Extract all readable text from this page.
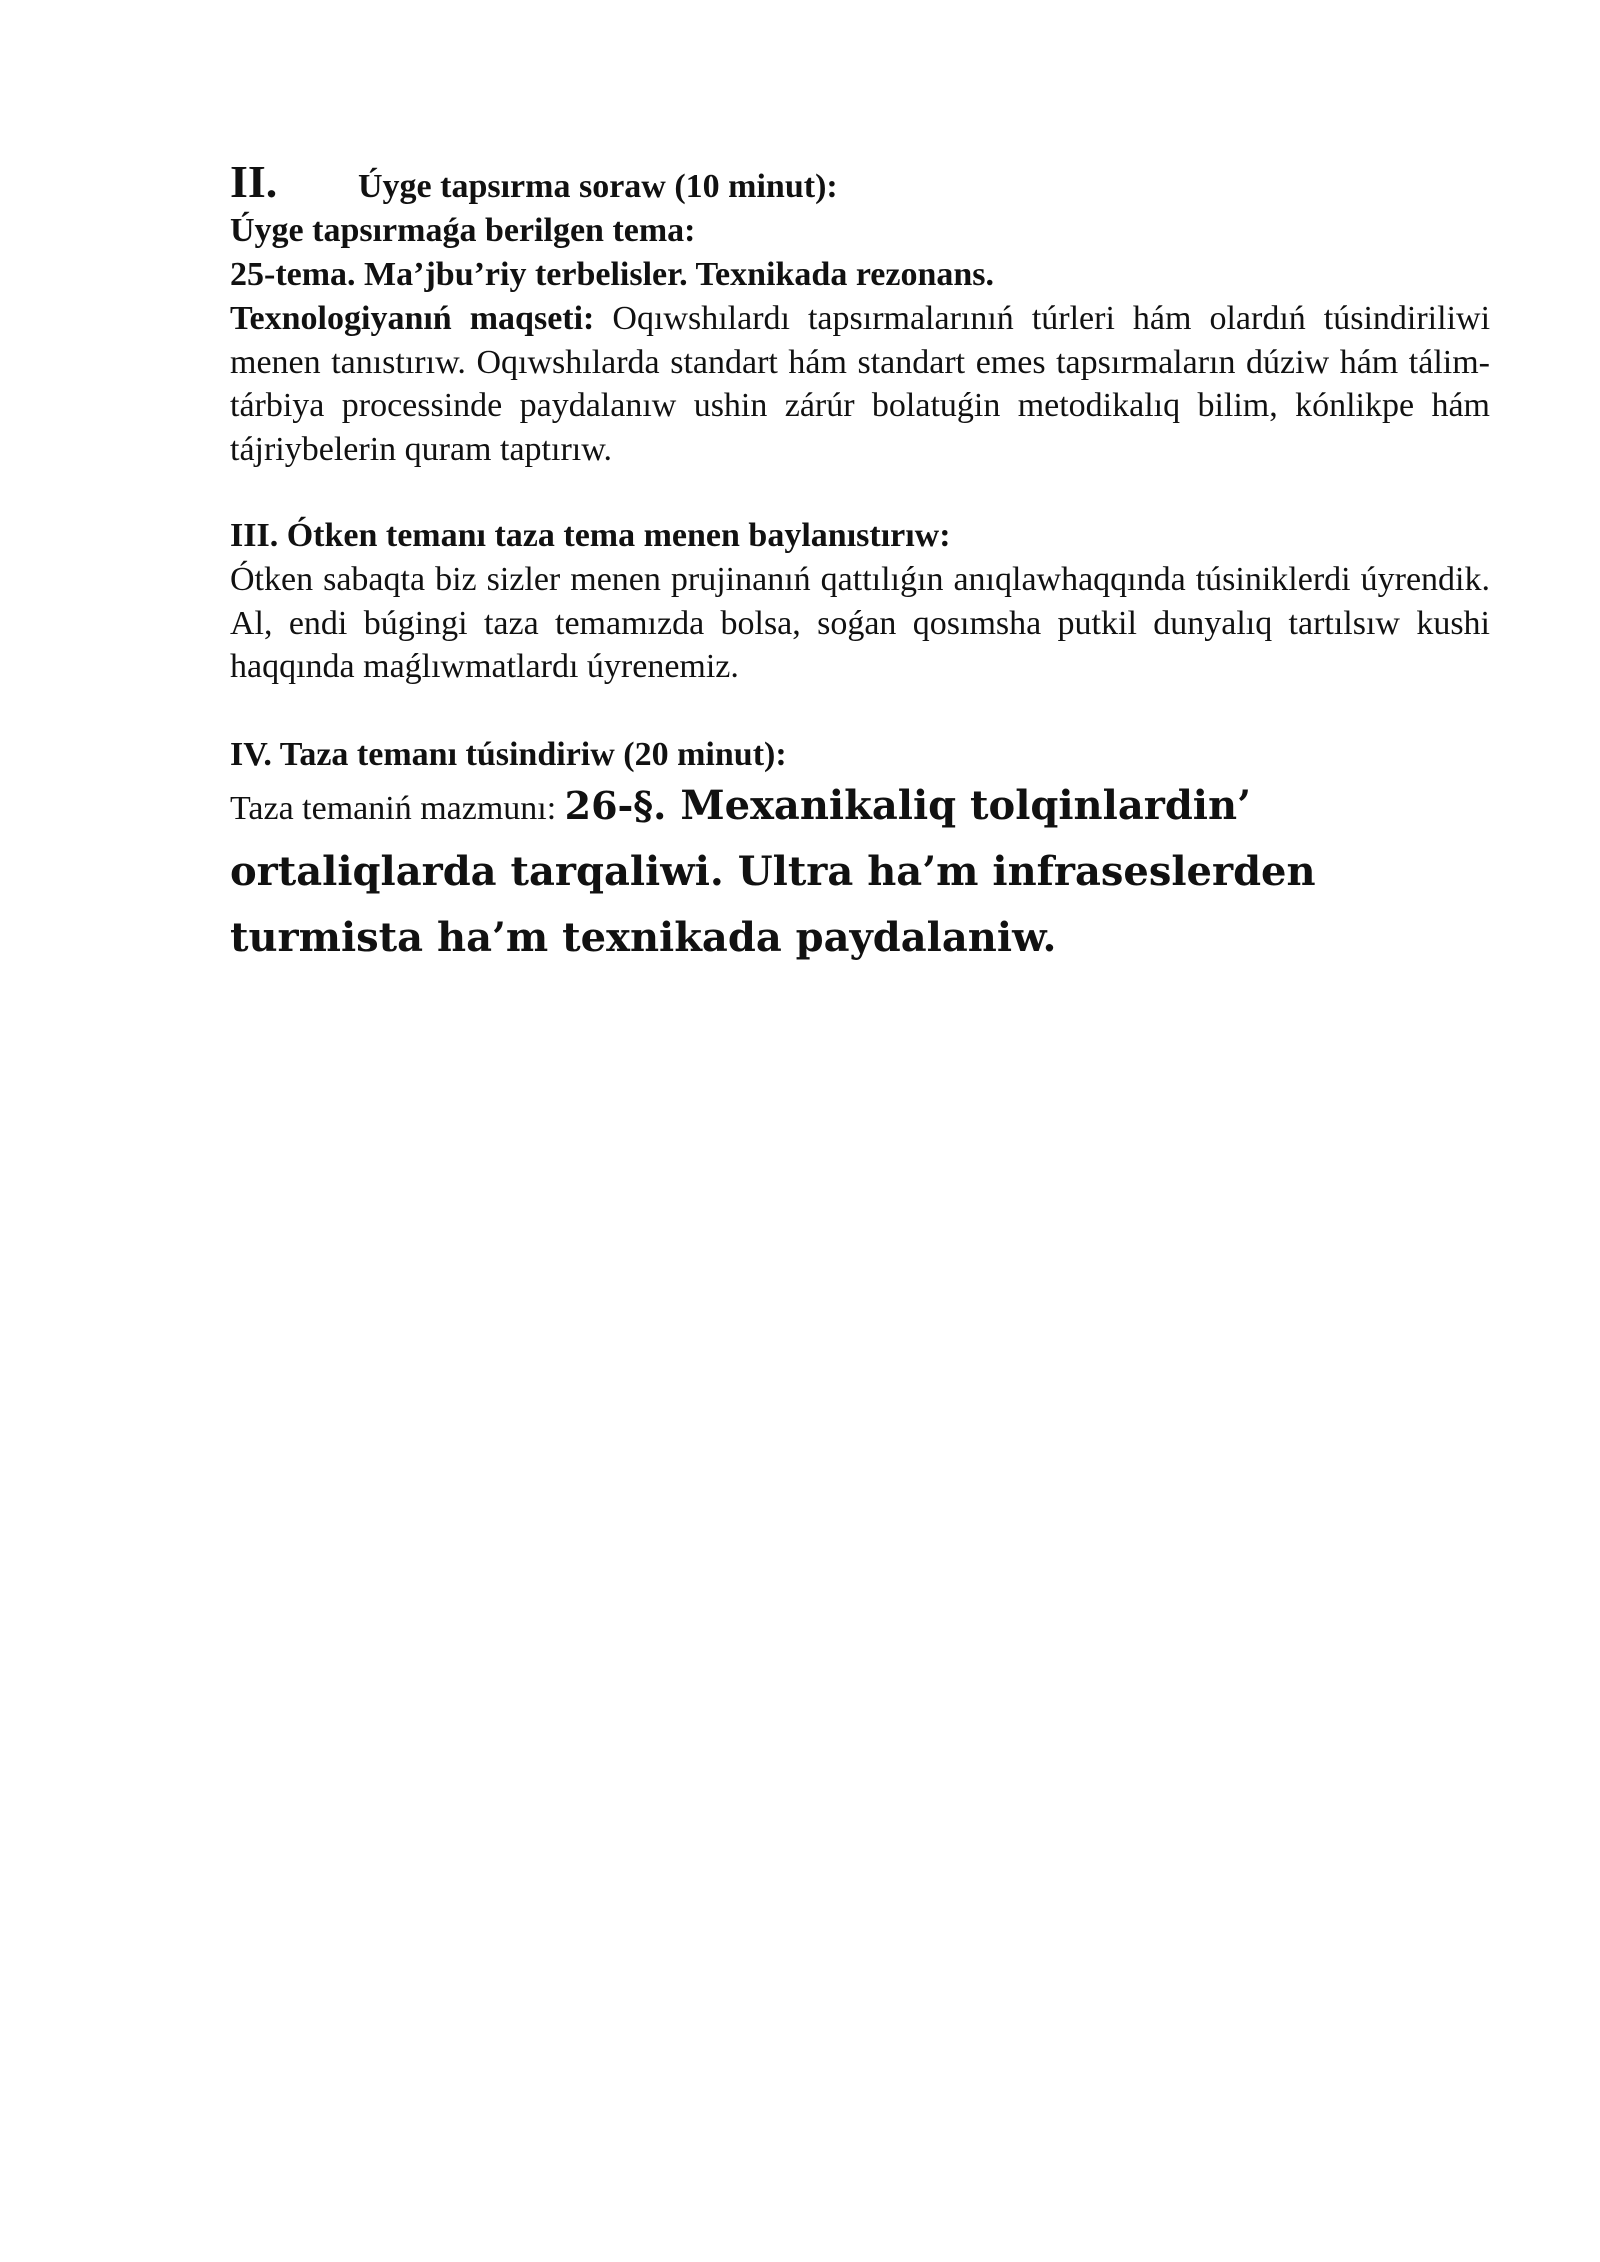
II. Úyge tapsırma soraw (10 minut):

Úyge tapsırmaǵa berilgen tema:

25-tema. Ma’jbu’riy terbelisler. Texnikada rezonans.

Texnologiyanıń maqseti: Oqıwshılardı tapsırmalarınıń túrleri hám olardıń túsindiriliwi menen tanıstırıw. Oqıwshılarda standart hám standart emes tapsırmaların dúziw hám tálim-tárbiya processinde paydalanıw ushin zárúr bolatuǵin metodikalıq bilim, kónlikpe hám tájriybelerin quram taptırıw.

III. Ótken temanı taza tema menen baylanıstırıw:

Ótken sabaqta biz sizler menen prujinanıń qattılıǵın anıqlawhaqqında túsiniklerdi úyrendik. Al, endi búgingi taza temamızda bolsa, soǵan qosımsha putkil dunyalıq tartılsıw kushi haqqında maǵlıwmatlardı úyrenemiz.

IV. Taza temanı túsindiriw (20 minut):

Taza temaniń mazmunı: 26-§. Mexanikaliq tolqinlardin’ ortaliqlarda tarqaliwi. Ultra ha’m infraseslerden turmista ha’m texnikada paydalaniw.
